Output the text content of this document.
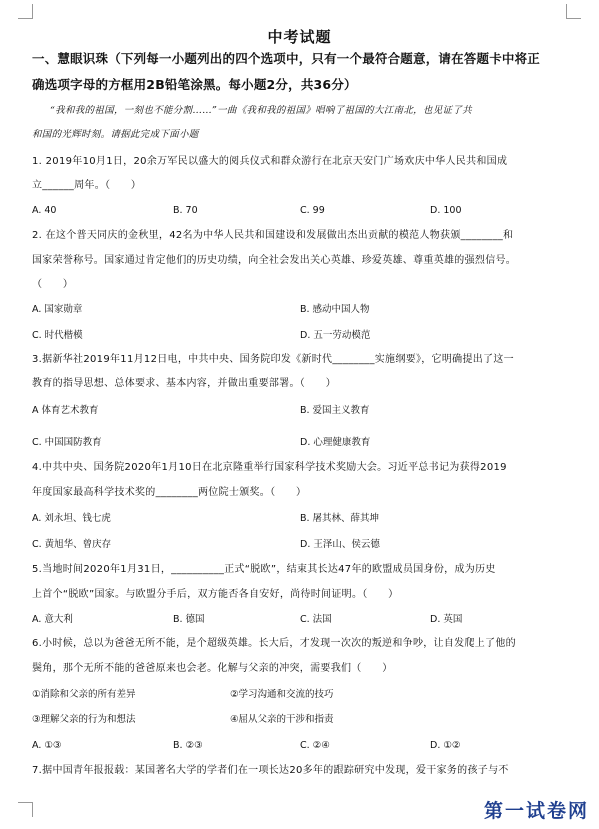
中考试题
一、慧眼识珠（下列每一小题列出的四个选项中，只有一个最符合题意，请在答题卡中将正
确选项字母的方框用2B铅笔涂黑。每小题2分，共36分）
“我和我的祖国，一刻也不能分割……”一曲《我和我的祖国》唱响了祖国的大江南北，也见证了共
和国的光辉时刻。请据此完成下面小题
1. 2019年10月1日，20余万军民以盛大的阅兵仪式和群众游行在北京天安门广场欢庆中华人民共和国成
立______周年。（　　）
A. 40	B. 70	C. 99	D. 100
2. 在这个普天同庆的金秋里，42名为中华人民共和国建设和发展做出杰出贡献的模范人物获颁________和
国家荣誉称号。国家通过肯定他们的历史功绩，向全社会发出关心英雄、珍爱英雄、尊重英雄的强烈信号。
（　　）
A. 国家勋章	B. 感动中国人物
C. 时代楷模	D. 五一劳动模范
3.据新华社2019年11月12日电，中共中央、国务院印发《新时代________实施纲要》，它明确提出了这一
教育的指导思想、总体要求、基本内容，并做出重要部署。（　　）
A 体育艺术教育	B. 爱国主义教育
C. 中国国防教育	D. 心理健康教育
4.中共中央、国务院2020年1月10日在北京隆重举行国家科学技术奖励大会。习近平总书记为获得2019
年度国家最高科学技术奖的________两位院士颁奖。（　　）
A. 刘永坦、钱七虎	B. 屠其林、薛其坤
C. 黄旭华、曾庆存	D. 王泽山、侯云德
5.当地时间2020年1月31日，__________正式“脱欧”，结束其长达47年的欧盟成员国身份，成为历史
上首个“脱欧”国家。与欧盟分手后，双方能否各自安好，尚待时间证明。（　　）
A. 意大利	B. 德国	C. 法国	D. 英国
6.小时候，总以为爸爸无所不能，是个超级英雄。长大后，才发现一次次的叛逆和争吵，让自发爬上了他的
鬓角，那个无所不能的爸爸原来也会老。化解与父亲的冲突，需要我们（　　）
①消除和父亲的所有差异	②学习沟通和交流的技巧
③理解父亲的行为和想法	④屈从父亲的干涉和指责
A. ①③	B. ②③	C. ②④	D. ①②
7.据中国青年报报载：某国著名大学的学者们在一项长达20多年的跟踪研究中发现，爱干家务的孩子与不
第一试卷网
